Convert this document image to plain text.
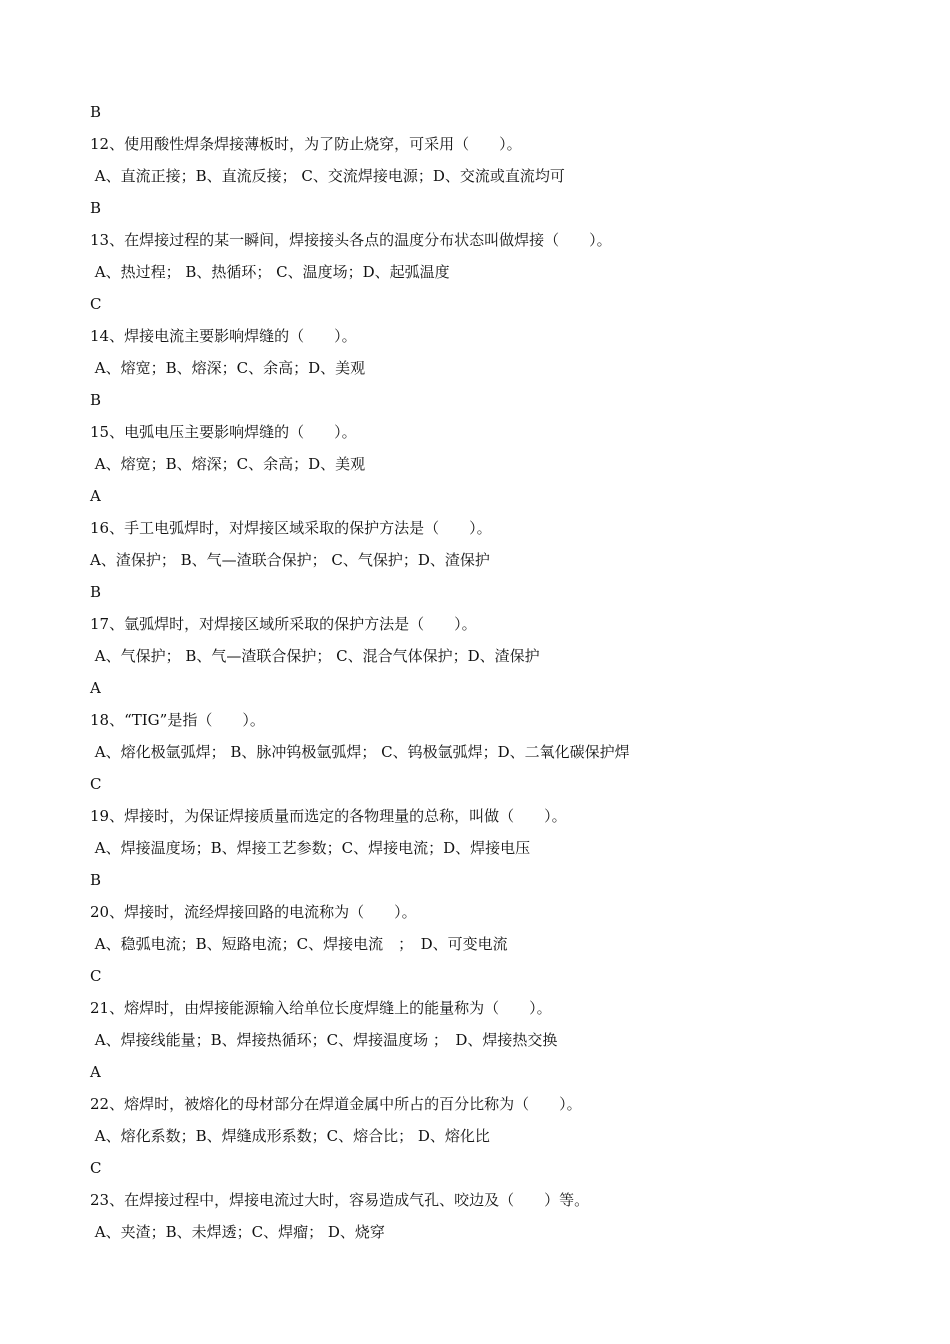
B
12、使用酸性焊条焊接薄板时，为了防止烧穿，可采用（　　）。
A、直流正接；B、直流反接； C、交流焊接电源；D、交流或直流均可
B
13、在焊接过程的某一瞬间，焊接接头各点的温度分布状态叫做焊接（　　）。
A、热过程； B、热循环； C、温度场；D、起弧温度
C
14、焊接电流主要影响焊缝的（　　）。
A、熔宽；B、熔深；C、余高；D、美观
B
15、电弧电压主要影响焊缝的（　　）。
A、熔宽；B、熔深；C、余高；D、美观
A
16、手工电弧焊时，对焊接区域采取的保护方法是（　　）。
A、渣保护； B、气—渣联合保护； C、气保护；D、渣保护
B
17、氩弧焊时，对焊接区域所采取的保护方法是（　　）。
A、气保护； B、气—渣联合保护； C、混合气体保护；D、渣保护
A
18、“TIG”是指（　　）。
A、熔化极氩弧焊； B、脉冲钨极氩弧焊； C、钨极氩弧焊；D、二氧化碳保护焊
C
19、焊接时，为保证焊接质量而选定的各物理量的总称，叫做（　　）。
A、焊接温度场；B、焊接工艺参数；C、焊接电流；D、焊接电压
B
20、焊接时，流经焊接回路的电流称为（　　）。
A、稳弧电流；B、短路电流；C、焊接电流　；　D、可变电流
C
21、熔焊时，由焊接能源输入给单位长度焊缝上的能量称为（　　）。
A、焊接线能量；B、焊接热循环；C、焊接温度场 ；　D、焊接热交换
A
22、熔焊时，被熔化的母材部分在焊道金属中所占的百分比称为（　　）。
A、熔化系数；B、焊缝成形系数；C、熔合比； D、熔化比
C
23、在焊接过程中，焊接电流过大时，容易造成气孔、咬边及（　　）等。
A、夹渣；B、未焊透；C、焊瘤； D、烧穿
